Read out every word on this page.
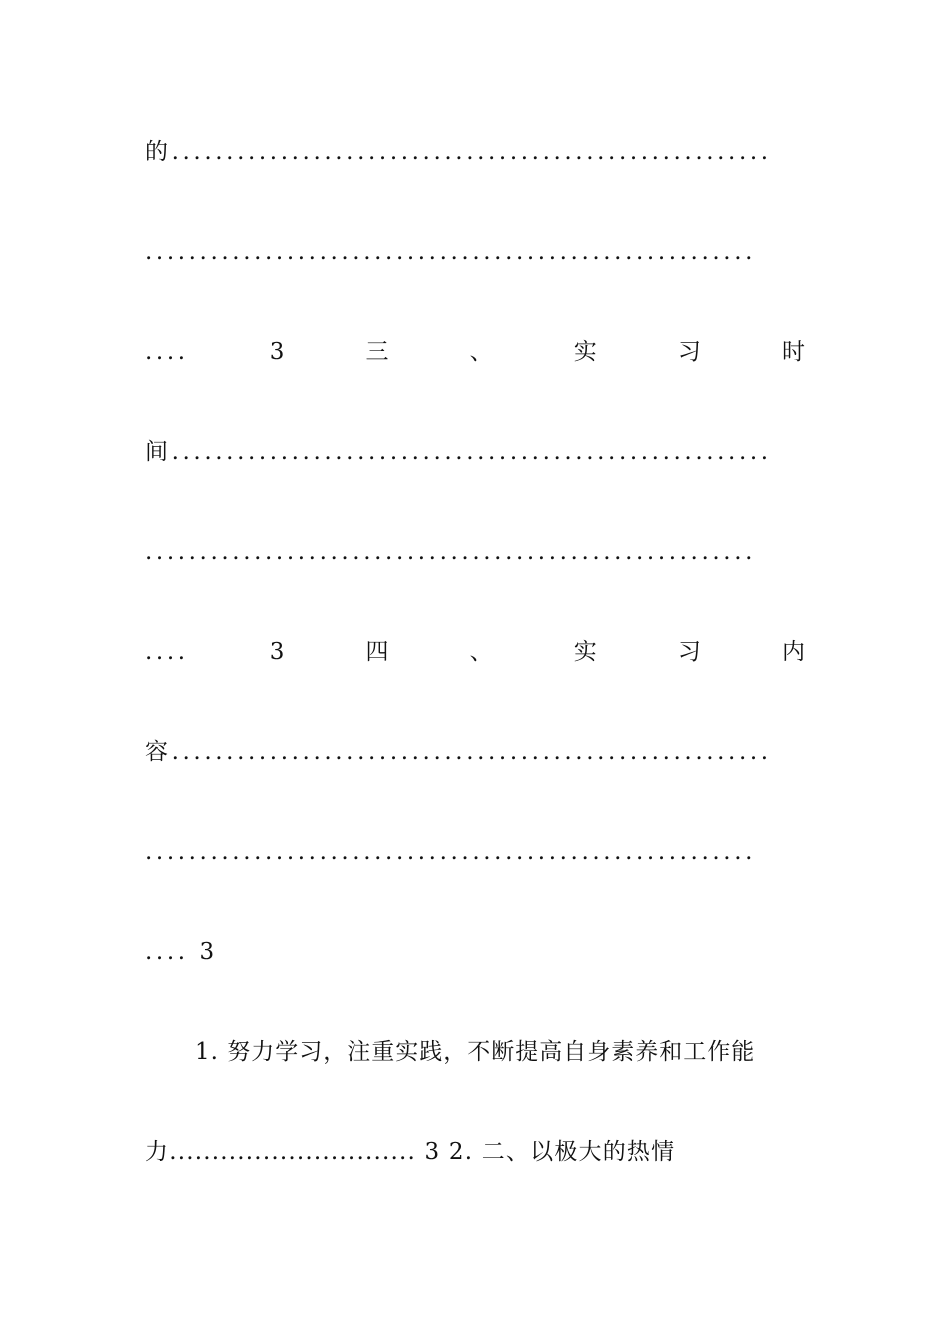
的.......................................................
........................................................
....	3	三	、	实	习	时
间.......................................................
........................................................
....	3	四	、	实	习	内
容.......................................................
........................................................
.... 3
1. 努力学习，注重实践，不断提高自身素养和工作能
力............................. 3 2. 二、以极大的热情
